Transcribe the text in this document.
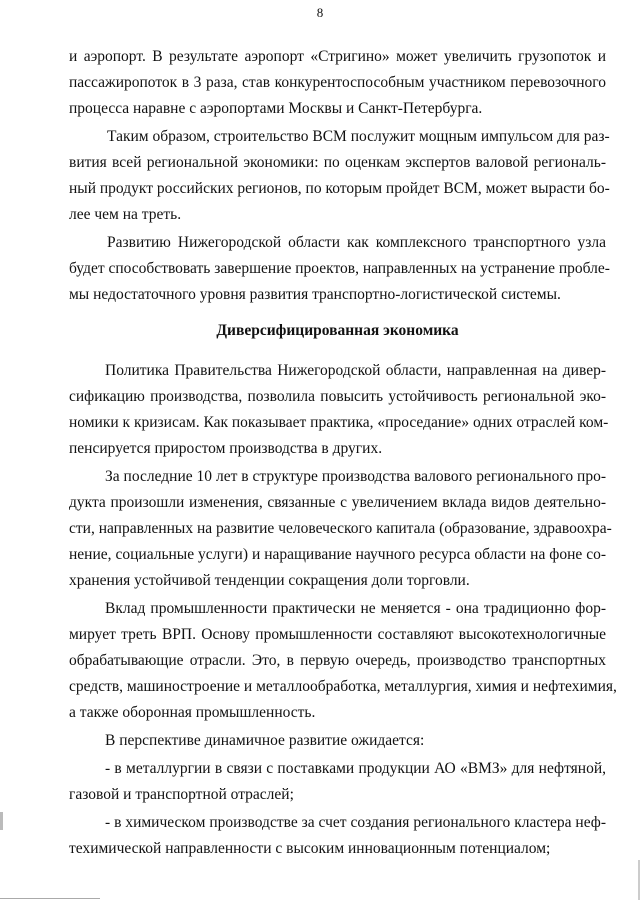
8

и аэропорт. В результате аэропорт «Стригино» может увеличить грузопоток и
пассажиропоток в 3 раза, став конкурентоспособным участником перевозочного
процесса наравне с аэропортами Москвы и Санкт-Петербурга.

Таким образом, строительство ВСМ послужит мощным импульсом для раз-
вития всей региональной экономики: по оценкам экспертов валовой региональ-
ный продукт российских регионов, по которым пройдет ВСМ, может вырасти бо-
лее чем на треть.

Развитию Нижегородской области как комплексного транспортного узла
будет способствовать завершение проектов, направленных на устранение пробле-
мы недостаточного уровня развития транспортно-логистической системы.

Диверсифицированная экономика

Политика Правительства Нижегородской области, направленная на дивер-
сификацию производства, позволила повысить устойчивость региональной эко-
номики к кризисам. Как показывает практика, «проседание» одних отраслей ком-
пенсируется приростом производства в других.

За последние 10 лет в структуре производства валового регионального про-
дукта произошли изменения, связанные с увеличением вклада видов деятельно-
сти, направленных на развитие человеческого капитала (образование, здравоохра-
нение, социальные услуги) и наращивание научного ресурса области на фоне со-
хранения устойчивой тенденции сокращения доли торговли.

Вклад промышленности практически не меняется - она традиционно фор-
мирует треть ВРП. Основу промышленности составляют высокотехнологичные
обрабатывающие отрасли. Это, в первую очередь, производство транспортных
средств, машиностроение и металлообработка, металлургия, химия и нефтехимия,
а также оборонная промышленность.

В перспективе динамичное развитие ожидается:

- в металлургии в связи с поставками продукции АО «ВМЗ» для нефтяной,
газовой и транспортной отраслей;

- в химическом производстве за счет создания регионального кластера неф-
техимической направленности с высоким инновационным потенциалом;
